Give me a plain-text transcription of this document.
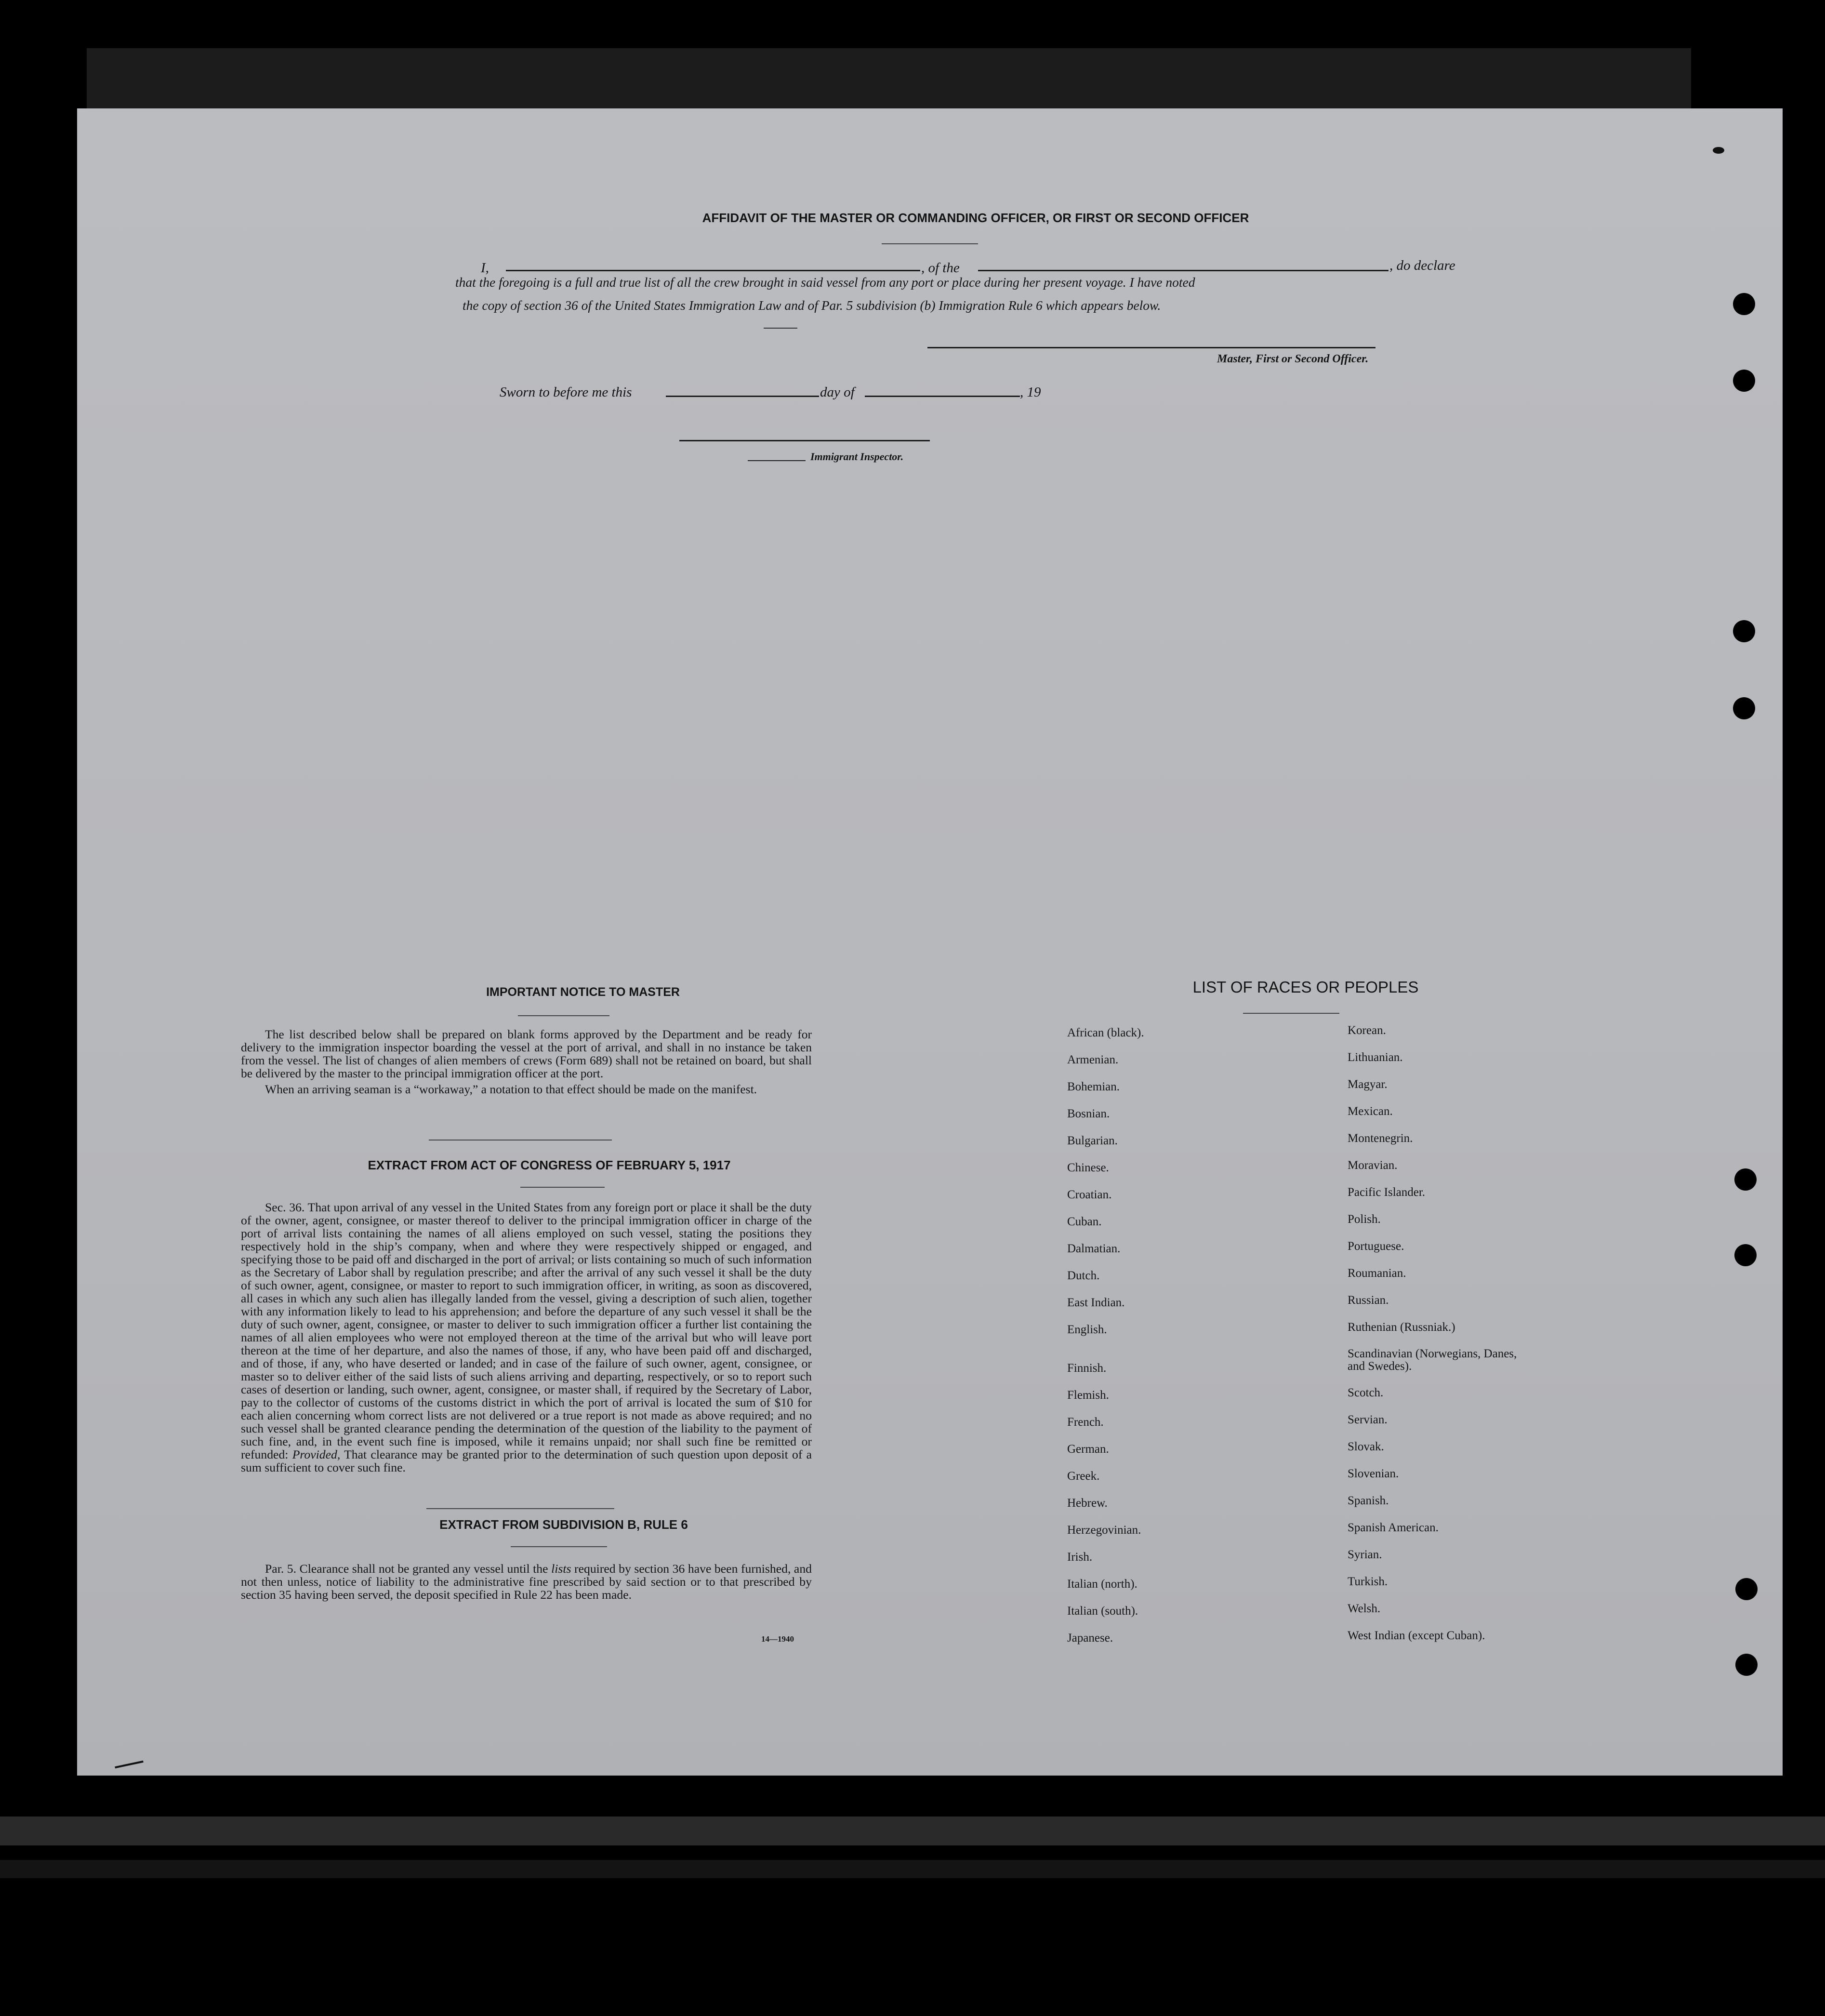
AFFIDAVIT OF THE MASTER OR COMMANDING OFFICER, OR FIRST OR SECOND OFFICER
I,	, of the	, do declare
that the foregoing is a full and true list of all the crew brought in said vessel from any port or place during her present voyage. I have noted
the copy of section 36 of the United States Immigration Law and of Par. 5 subdivision (b) Immigration Rule 6 which appears below.
Master, First or Second Officer.
Sworn to before me this	day of	, 19
Immigrant Inspector.
IMPORTANT NOTICE TO MASTER

The list described below shall be prepared on blank forms approved by the Department and be ready for delivery to the immigration inspector boarding the vessel at the port of arrival, and shall in no instance be taken from the vessel. The list of changes of alien members of crews (Form 689) shall not be retained on board, but shall be delivered by the master to the principal immigration officer at the port.

When an arriving seaman is a “workaway,” a notation to that effect should be made on the manifest.

EXTRACT FROM ACT OF CONGRESS OF FEBRUARY 5, 1917

Sec. 36. That upon arrival of any vessel in the United States from any foreign port or place it shall be the duty of the owner, agent, consignee, or master thereof to deliver to the principal immigration officer in charge of the port of arrival lists containing the names of all aliens employed on such vessel, stating the positions they respectively hold in the ship’s company, when and where they were respectively shipped or engaged, and specifying those to be paid off and discharged in the port of arrival; or lists containing so much of such information as the Secretary of Labor shall by regulation prescribe; and after the arrival of any such vessel it shall be the duty of such owner, agent, consignee, or master to report to such immigration officer, in writing, as soon as discovered, all cases in which any such alien has illegally landed from the vessel, giving a description of such alien, together with any information likely to lead to his apprehension; and before the departure of any such vessel it shall be the duty of such owner, agent, consignee, or master to deliver to such immigration officer a further list containing the names of all alien employees who were not employed thereon at the time of the arrival but who will leave port thereon at the time of her departure, and also the names of those, if any, who have been paid off and discharged, and of those, if any, who have deserted or landed; and in case of the failure of such owner, agent, consignee, or master so to deliver either of the said lists of such aliens arriving and departing, respectively, or so to report such cases of desertion or landing, such owner, agent, consignee, or master shall, if required by the Secretary of Labor, pay to the collector of customs of the customs district in which the port of arrival is located the sum of $10 for each alien concerning whom correct lists are not delivered or a true report is not made as above required; and no such vessel shall be granted clearance pending the determination of the question of the liability to the payment of such fine, and, in the event such fine is imposed, while it remains unpaid; nor shall such fine be remitted or refunded: Provided, That clearance may be granted prior to the determination of such question upon deposit of a sum sufficient to cover such fine.

EXTRACT FROM SUBDIVISION B, RULE 6

Par. 5. Clearance shall not be granted any vessel until the lists required by section 36 have been furnished, and not then unless, notice of liability to the administrative fine prescribed by said section or to that prescribed by section 35 having been served, the deposit specified in Rule 22 has been made.

14—1940
LIST OF RACES OR PEOPLES
African (black).
Armenian.
Bohemian.
Bosnian.
Bulgarian.
Chinese.
Croatian.
Cuban.
Dalmatian.
Dutch.
East Indian.
English.
Finnish.
Flemish.
French.
German.
Greek.
Hebrew.
Herzegovinian.
Irish.
Italian (north).
Italian (south).
Japanese.
Korean.
Lithuanian.
Magyar.
Mexican.
Montenegrin.
Moravian.
Pacific Islander.
Polish.
Portuguese.
Roumanian.
Russian.
Ruthenian (Russniak.)
Scandinavian (Norwegians, Danes, and Swedes).
Scotch.
Servian.
Slovak.
Slovenian.
Spanish.
Spanish American.
Syrian.
Turkish.
Welsh.
West Indian (except Cuban).
